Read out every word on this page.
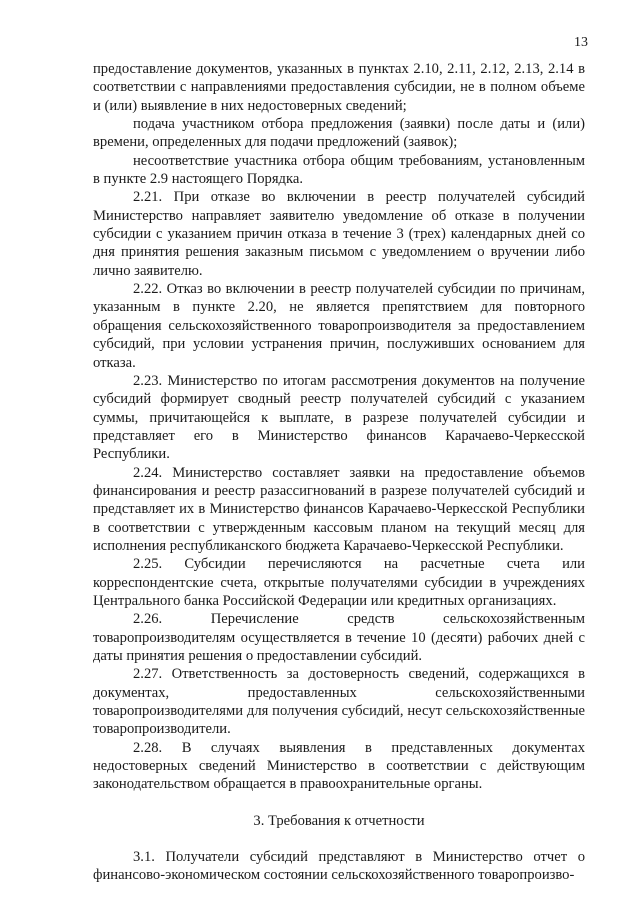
13

предоставление документов, указанных в пунктах 2.10, 2.11, 2.12, 2.13, 2.14 в соответствии с направлениями предоставления субсидии, не в полном объеме и (или) выявление в них недостоверных сведений;

подача участником отбора предложения (заявки) после даты и (или) времени, определенных для подачи предложений (заявок);

несоответствие участника отбора общим требованиям, установленным в пункте 2.9 настоящего Порядка.

2.21. При отказе во включении в реестр получателей субсидий Министерство направляет заявителю уведомление об отказе в получении субсидии с указанием причин отказа в течение 3 (трех) календарных дней со дня принятия решения заказным письмом с уведомлением о вручении либо лично заявителю.

2.22. Отказ во включении в реестр получателей субсидии по причинам, указанным в пункте 2.20, не является препятствием для повторного обращения сельскохозяйственного товаропроизводителя за предоставлением субсидий, при условии устранения причин, послуживших основанием для отказа.

2.23. Министерство по итогам рассмотрения документов на получение субсидий формирует сводный реестр получателей субсидий с указанием суммы, причитающейся к выплате, в разрезе получателей субсидии и представляет его в Министерство финансов Карачаево-Черкесской Республики.

2.24. Министерство составляет заявки на предоставление объемов финансирования и реестр разассигнований в разрезе получателей субсидий и представляет их в Министерство финансов Карачаево-Черкесской Республики в соответствии с утвержденным кассовым планом на текущий месяц для исполнения республиканского бюджета Карачаево-Черкесской Республики.

2.25. Субсидии перечисляются на расчетные счета или корреспондентские счета, открытые получателями субсидии в учреждениях Центрального банка Российской Федерации или кредитных организациях.

2.26. Перечисление средств сельскохозяйственным товаропроизводителям осуществляется в течение 10 (десяти) рабочих дней с даты принятия решения о предоставлении субсидий.

2.27. Ответственность за достоверность сведений, содержащихся в документах, предоставленных сельскохозяйственными товаропроизводителями для получения субсидий, несут сельскохозяйственные товаропроизводители.

2.28. В случаях выявления в представленных документах недостоверных сведений Министерство в соответствии с действующим законодательством обращается в правоохранительные органы.

3. Требования к отчетности

3.1. Получатели субсидий представляют в Министерство отчет о финансово-экономическом состоянии сельскохозяйственного товаропроизво-
